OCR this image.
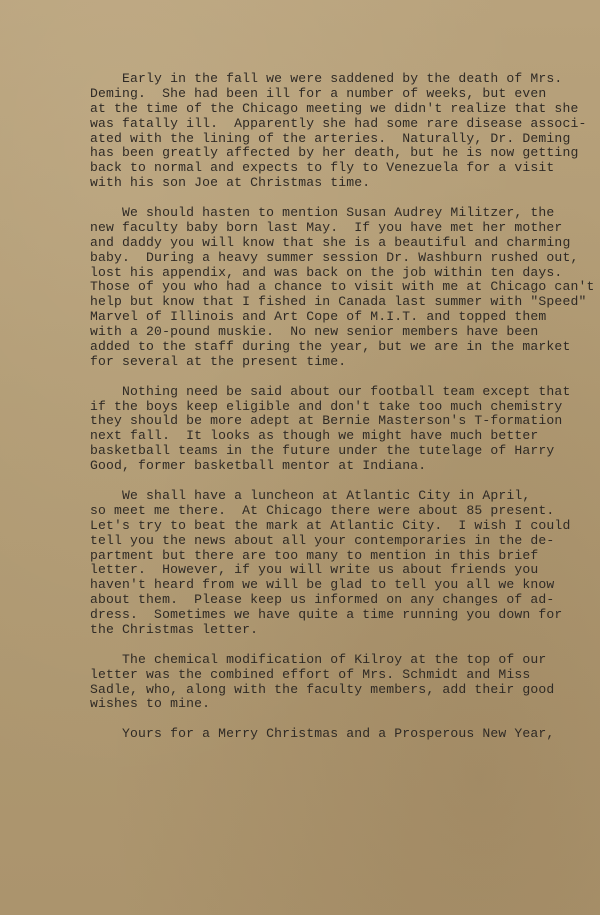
Early in the fall we were saddened by the death of Mrs.
Deming.  She had been ill for a number of weeks, but even
at the time of the Chicago meeting we didn't realize that she
was fatally ill.  Apparently she had some rare disease associ-
ated with the lining of the arteries.  Naturally, Dr. Deming
has been greatly affected by her death, but he is now getting
back to normal and expects to fly to Venezuela for a visit
with his son Joe at Christmas time.
We should hasten to mention Susan Audrey Militzer, the
new faculty baby born last May.  If you have met her mother
and daddy you will know that she is a beautiful and charming
baby.  During a heavy summer session Dr. Washburn rushed out,
lost his appendix, and was back on the job within ten days.
Those of you who had a chance to visit with me at Chicago can't
help but know that I fished in Canada last summer with "Speed"
Marvel of Illinois and Art Cope of M.I.T. and topped them
with a 20-pound muskie.  No new senior members have been
added to the staff during the year, but we are in the market
for several at the present time.
Nothing need be said about our football team except that
if the boys keep eligible and don't take too much chemistry
they should be more adept at Bernie Masterson's T-formation
next fall.  It looks as though we might have much better
basketball teams in the future under the tutelage of Harry
Good, former basketball mentor at Indiana.
We shall have a luncheon at Atlantic City in April,
so meet me there.  At Chicago there were about 85 present.
Let's try to beat the mark at Atlantic City.  I wish I could
tell you the news about all your contemporaries in the de-
partment but there are too many to mention in this brief
letter.  However, if you will write us about friends you
haven't heard from we will be glad to tell you all we know
about them.  Please keep us informed on any changes of ad-
dress.  Sometimes we have quite a time running you down for
the Christmas letter.
The chemical modification of Kilroy at the top of our
letter was the combined effort of Mrs. Schmidt and Miss
Sadle, who, along with the faculty members, add their good
wishes to mine.
Yours for a Merry Christmas and a Prosperous New Year,
